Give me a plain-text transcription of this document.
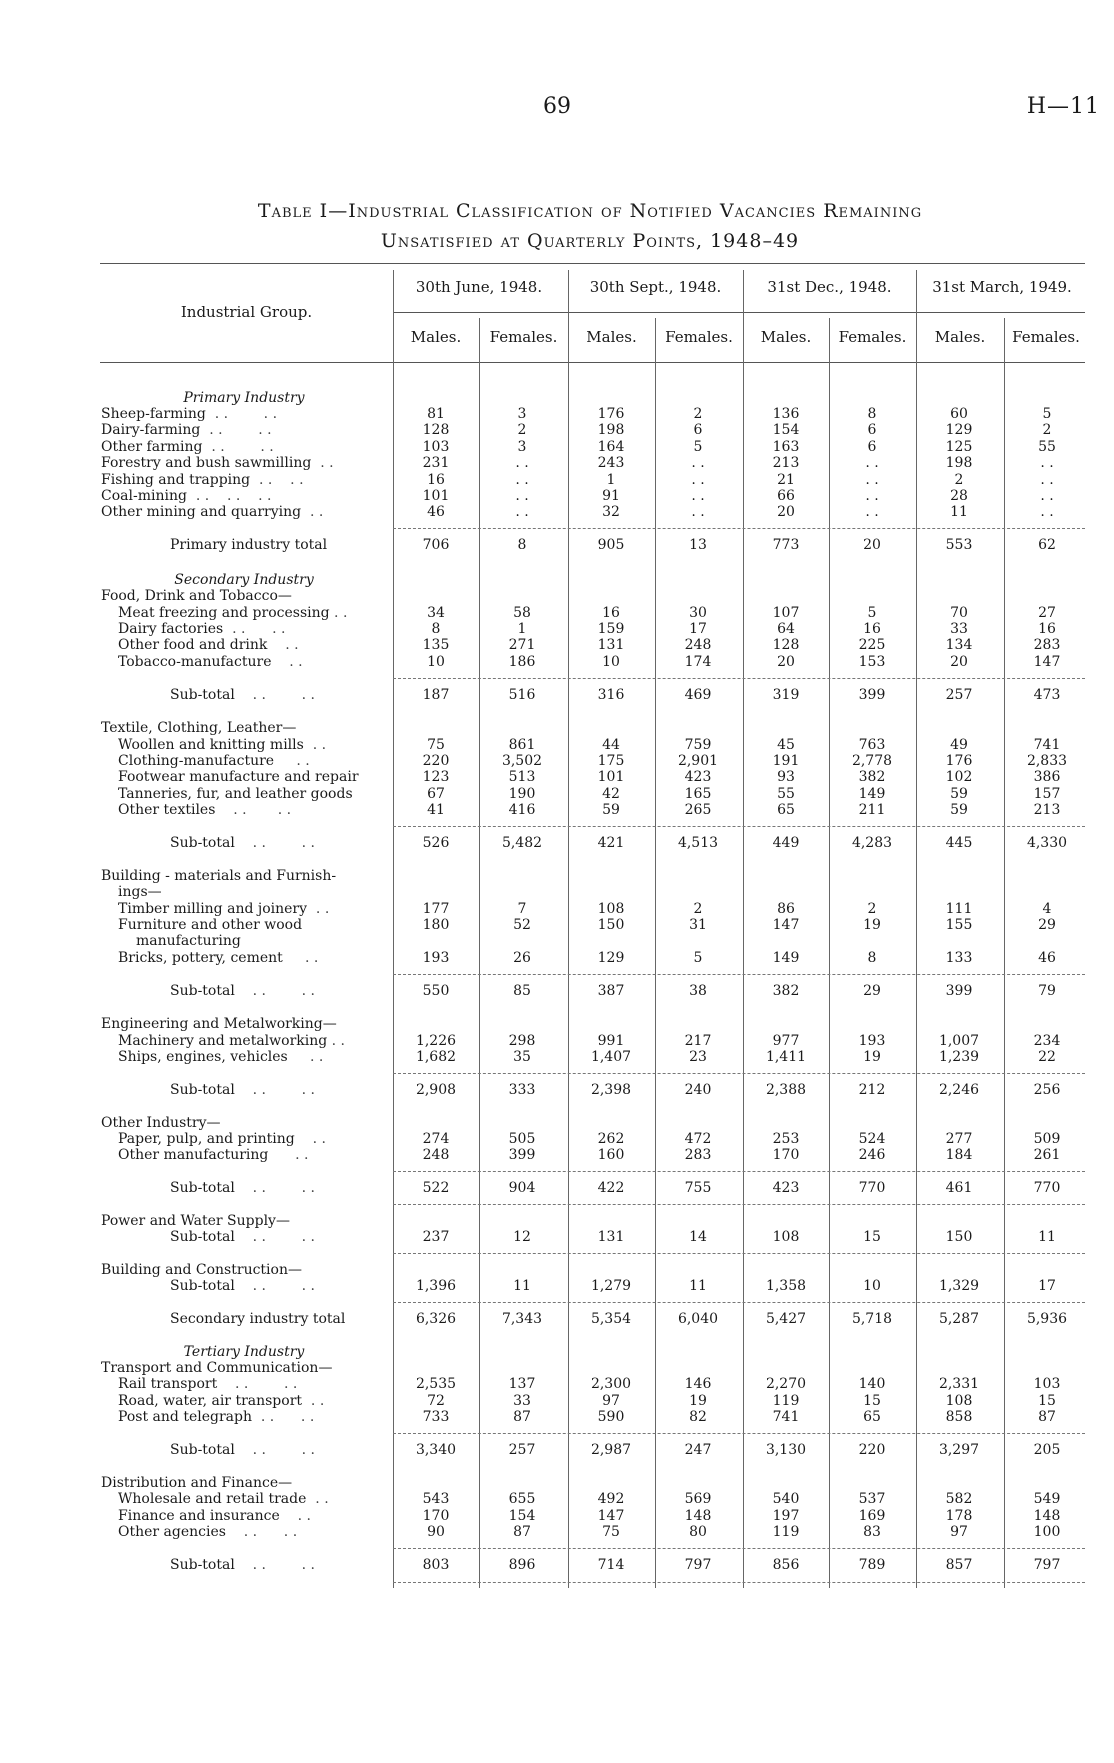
69	H—11
Table I—Industrial Classification of Notified Vacancies Remaining
Unsatisfied at Quarterly Points, 1948–49
Industrial Group.
30th June, 1948.	30th Sept., 1948.	31st Dec., 1948.	31st March, 1949.
Males.	Females.	Males.	Females.	Males.	Females.	Males.	Females.
Primary Industry
Sheep-farming  . .        . .	81	3	176	2	136	8	60	5
Dairy-farming  . .        . .	128	2	198	6	154	6	129	2
Other farming  . .        . .	103	3	164	5	163	6	125	55
Forestry and bush sawmilling  . .	231	. .	243	. .	213	. .	198	. .
Fishing and trapping  . .    . .	16	. .	1	. .	21	. .	2	. .
Coal-mining  . .    . .    . .	101	. .	91	. .	66	. .	28	. .
Other mining and quarrying  . .	46	. .	32	. .	20	. .	11	. .
Primary industry total	706	8	905	13	773	20	553	62
Secondary Industry
Food, Drink and Tobacco—
Meat freezing and processing . .	34	58	16	30	107	5	70	27
Dairy factories  . .      . .	8	1	159	17	64	16	33	16
Other food and drink    . .	135	271	131	248	128	225	134	283
Tobacco-manufacture    . .	10	186	10	174	20	153	20	147
Sub-total    . .        . .	187	516	316	469	319	399	257	473
Textile, Clothing, Leather—
Woollen and knitting mills  . .	75	861	44	759	45	763	49	741
Clothing-manufacture     . .	220	3,502	175	2,901	191	2,778	176	2,833
Footwear manufacture and repair	123	513	101	423	93	382	102	386
Tanneries, fur, and leather goods	67	190	42	165	55	149	59	157
Other textiles    . .       . .	41	416	59	265	65	211	59	213
Sub-total    . .        . .	526	5,482	421	4,513	449	4,283	445	4,330
Building - materials and Furnish-
ings—
Timber milling and joinery  . .	177	7	108	2	86	2	111	4
Furniture and other wood	180	52	150	31	147	19	155	29
manufacturing
Bricks, pottery, cement     . .	193	26	129	5	149	8	133	46
Sub-total    . .        . .	550	85	387	38	382	29	399	79
Engineering and Metalworking—
Machinery and metalworking . .	1,226	298	991	217	977	193	1,007	234
Ships, engines, vehicles     . .	1,682	35	1,407	23	1,411	19	1,239	22
Sub-total    . .        . .	2,908	333	2,398	240	2,388	212	2,246	256
Other Industry—
Paper, pulp, and printing    . .	274	505	262	472	253	524	277	509
Other manufacturing      . .	248	399	160	283	170	246	184	261
Sub-total    . .        . .	522	904	422	755	423	770	461	770
Power and Water Supply—
Sub-total    . .        . .	237	12	131	14	108	15	150	11
Building and Construction—
Sub-total    . .        . .	1,396	11	1,279	11	1,358	10	1,329	17
Secondary industry total	6,326	7,343	5,354	6,040	5,427	5,718	5,287	5,936
Tertiary Industry
Transport and Communication—
Rail transport    . .        . .	2,535	137	2,300	146	2,270	140	2,331	103
Road, water, air transport  . .	72	33	97	19	119	15	108	15
Post and telegraph  . .      . .	733	87	590	82	741	65	858	87
Sub-total    . .        . .	3,340	257	2,987	247	3,130	220	3,297	205
Distribution and Finance—
Wholesale and retail trade  . .	543	655	492	569	540	537	582	549
Finance and insurance    . .	170	154	147	148	197	169	178	148
Other agencies    . .      . .	90	87	75	80	119	83	97	100
Sub-total    . .        . .	803	896	714	797	856	789	857	797
